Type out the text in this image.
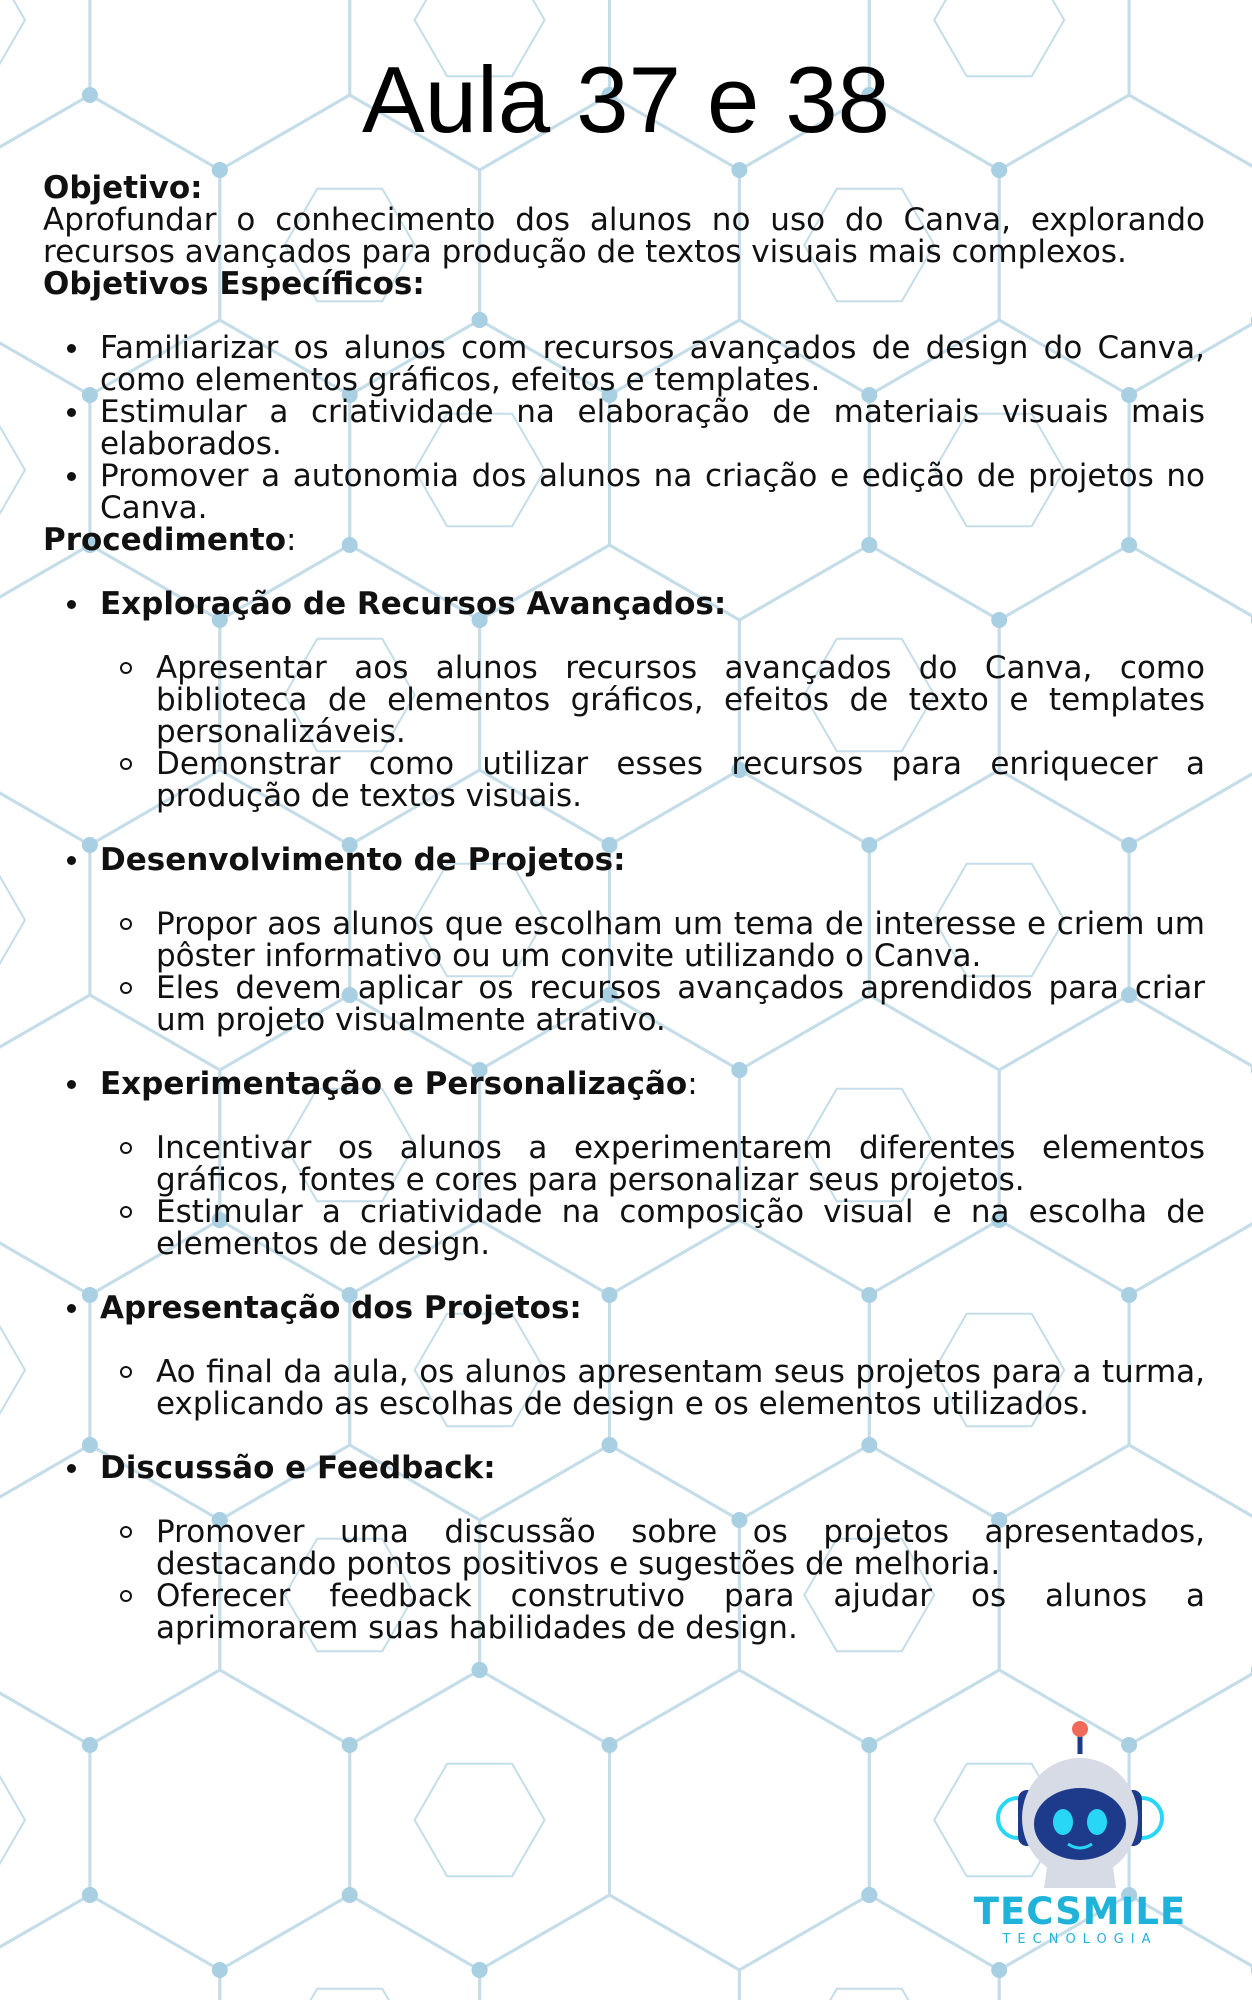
Aula 37 e 38

Objetivo:

Aprofundar o conhecimento dos alunos no uso do Canva, explorando recursos avançados para produção de textos visuais mais complexos.

Objetivos Específicos:

Familiarizar os alunos com recursos avançados de design do Canva, como elementos gráficos, efeitos e templates.
Estimular a criatividade na elaboração de materiais visuais mais elaborados.
Promover a autonomia dos alunos na criação e edição de projetos no Canva.

Procedimento:

Exploração de Recursos Avançados:
Apresentar aos alunos recursos avançados do Canva, como biblioteca de elementos gráficos, efeitos de texto e templates personalizáveis.
Demonstrar como utilizar esses recursos para enriquecer a produção de textos visuais.
Desenvolvimento de Projetos:
Propor aos alunos que escolham um tema de interesse e criem um pôster informativo ou um convite utilizando o Canva.
Eles devem aplicar os recursos avançados aprendidos para criar um projeto visualmente atrativo.
Experimentação e Personalização:
Incentivar os alunos a experimentarem diferentes elementos gráficos, fontes e cores para personalizar seus projetos.
Estimular a criatividade na composição visual e na escolha de elementos de design.
Apresentação dos Projetos:
Ao final da aula, os alunos apresentam seus projetos para a turma, explicando as escolhas de design e os elementos utilizados.
Discussão e Feedback:
Promover uma discussão sobre os projetos apresentados, destacando pontos positivos e sugestões de melhoria.
Oferecer feedback construtivo para ajudar os alunos a aprimorarem suas habilidades de design.
TECSMILE
TECNOLOGIA
